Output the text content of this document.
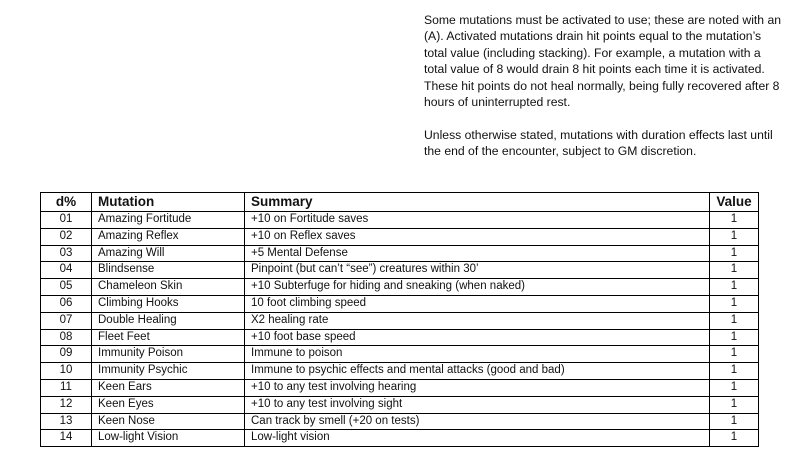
Some mutations must be activated to use; these are noted with an (A). Activated mutations drain hit points equal to the mutation’s total value (including stacking). For example, a mutation with a total value of 8 would drain 8 hit points each time it is activated. These hit points do not heal normally, being fully recovered after 8 hours of uninterrupted rest.

Unless otherwise stated, mutations with duration effects last until the end of the encounter, subject to GM discretion.

d%	Mutation	Summary	Value
01	Amazing Fortitude	+10 on Fortitude saves	1
02	Amazing Reflex	+10 on Reflex saves	1
03	Amazing Will	+5 Mental Defense	1
04	Blindsense	Pinpoint (but can’t “see”) creatures within 30’	1
05	Chameleon Skin	+10 Subterfuge for hiding and sneaking (when naked)	1
06	Climbing Hooks	10 foot climbing speed	1
07	Double Healing	X2 healing rate	1
08	Fleet Feet	+10 foot base speed	1
09	Immunity Poison	Immune to poison	1
10	Immunity Psychic	Immune to psychic effects and mental attacks (good and bad)	1
11	Keen Ears	+10 to any test involving hearing	1
12	Keen Eyes	+10 to any test involving sight	1
13	Keen Nose	Can track by smell (+20 on tests)	1
14	Low-light Vision	Low-light vision	1
